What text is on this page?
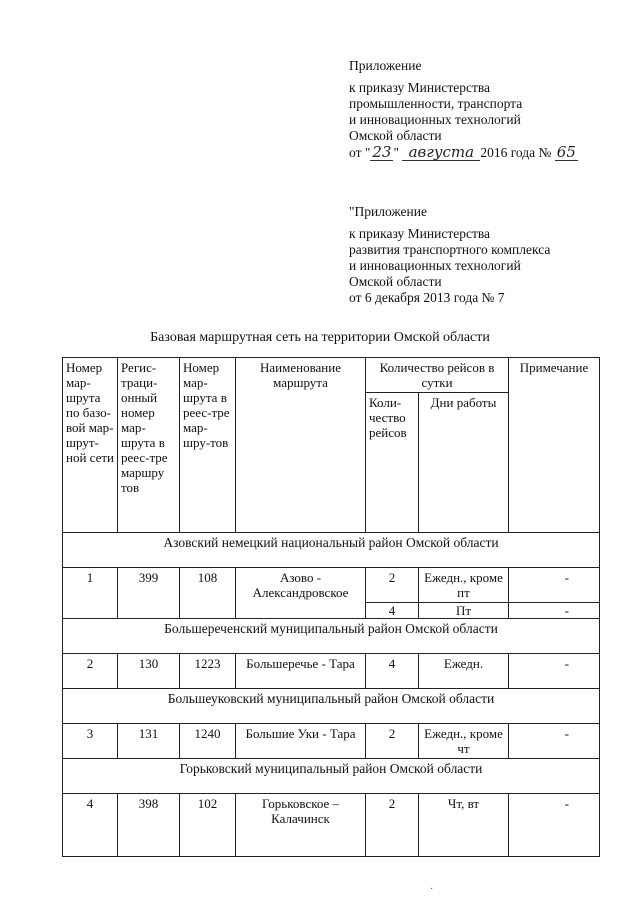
Приложение
к приказу Министерства
промышленности, транспорта
и инновационных технологий
Омской области
от " 23 " августа 2016 года № 65
"Приложение
к приказу Министерства
развития транспортного комплекса
и инновационных технологий
Омской области
от 6 декабря 2013 года № 7
Базовая маршрутная сеть на территории Омской области
Номер мар-шрута по базо-вой мар-шрут-ной сети	Регис-траци-онный номер мар-шрута в реес-тре маршру тов	Номер мар-шрута в реес-тре мар-шру-тов	Наименование маршрута	Количество рейсов в сутки		Примечание
				Коли-чество рейсов	Дни работы	
Азовский немецкий национальный район Омской области						
1	399	108	Азово - Александровское	2	Ежедн., кроме пт	-
				4	Пт	-
Большереченский муниципальный район Омской области						
2	130	1223	Большеречье - Тара	4	Ежедн.	-
Большеуковский муниципальный район Омской области						
3	131	1240	Большие Уки - Тара	2	Ежедн., кроме чт	-
Горьковский муниципальный район Омской области						
4	398	102	Горьковское – Калачинск	2	Чт, вт	-
·
